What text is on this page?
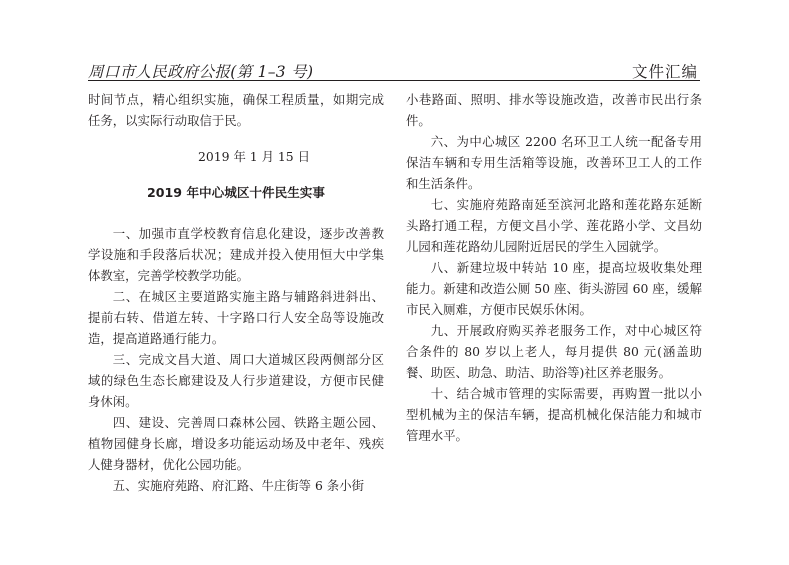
周口市人民政府公报(第 1–3 号)	文件汇编

时间节点，精心组织实施，确保工程质量，如期完成任务，以实际行动取信于民。

2019 年 1 月 15 日

2019 年中心城区十件民生实事

一、加强市直学校教育信息化建设，逐步改善教学设施和手段落后状况；建成并投入使用恒大中学集体教室，完善学校教学功能。

二、在城区主要道路实施主路与辅路斜进斜出、提前右转、借道左转、十字路口行人安全岛等设施改造，提高道路通行能力。

三、完成文昌大道、周口大道城区段两侧部分区域的绿色生态长廊建设及人行步道建设，方便市民健身休闲。

四、建设、完善周口森林公园、铁路主题公园、植物园健身长廊，增设多功能运动场及中老年、残疾人健身器材，优化公园功能。

五、实施府苑路、府汇路、牛庄街等 6 条小街

小巷路面、照明、排水等设施改造，改善市民出行条件。

六、为中心城区 2200 名环卫工人统一配备专用保洁车辆和专用生活箱等设施，改善环卫工人的工作和生活条件。

七、实施府苑路南延至滨河北路和莲花路东延断头路打通工程，方便文昌小学、莲花路小学、文昌幼儿园和莲花路幼儿园附近居民的学生入园就学。

八、新建垃圾中转站 10 座，提高垃圾收集处理能力。新建和改造公厕 50 座、街头游园 60 座，缓解市民入厕难，方便市民娱乐休闲。

九、开展政府购买养老服务工作，对中心城区符合条件的 80 岁以上老人，每月提供 80 元(涵盖助餐、助医、助急、助洁、助浴等)社区养老服务。

十、结合城市管理的实际需要，再购置一批以小型机械为主的保洁车辆，提高机械化保洁能力和城市管理水平。
